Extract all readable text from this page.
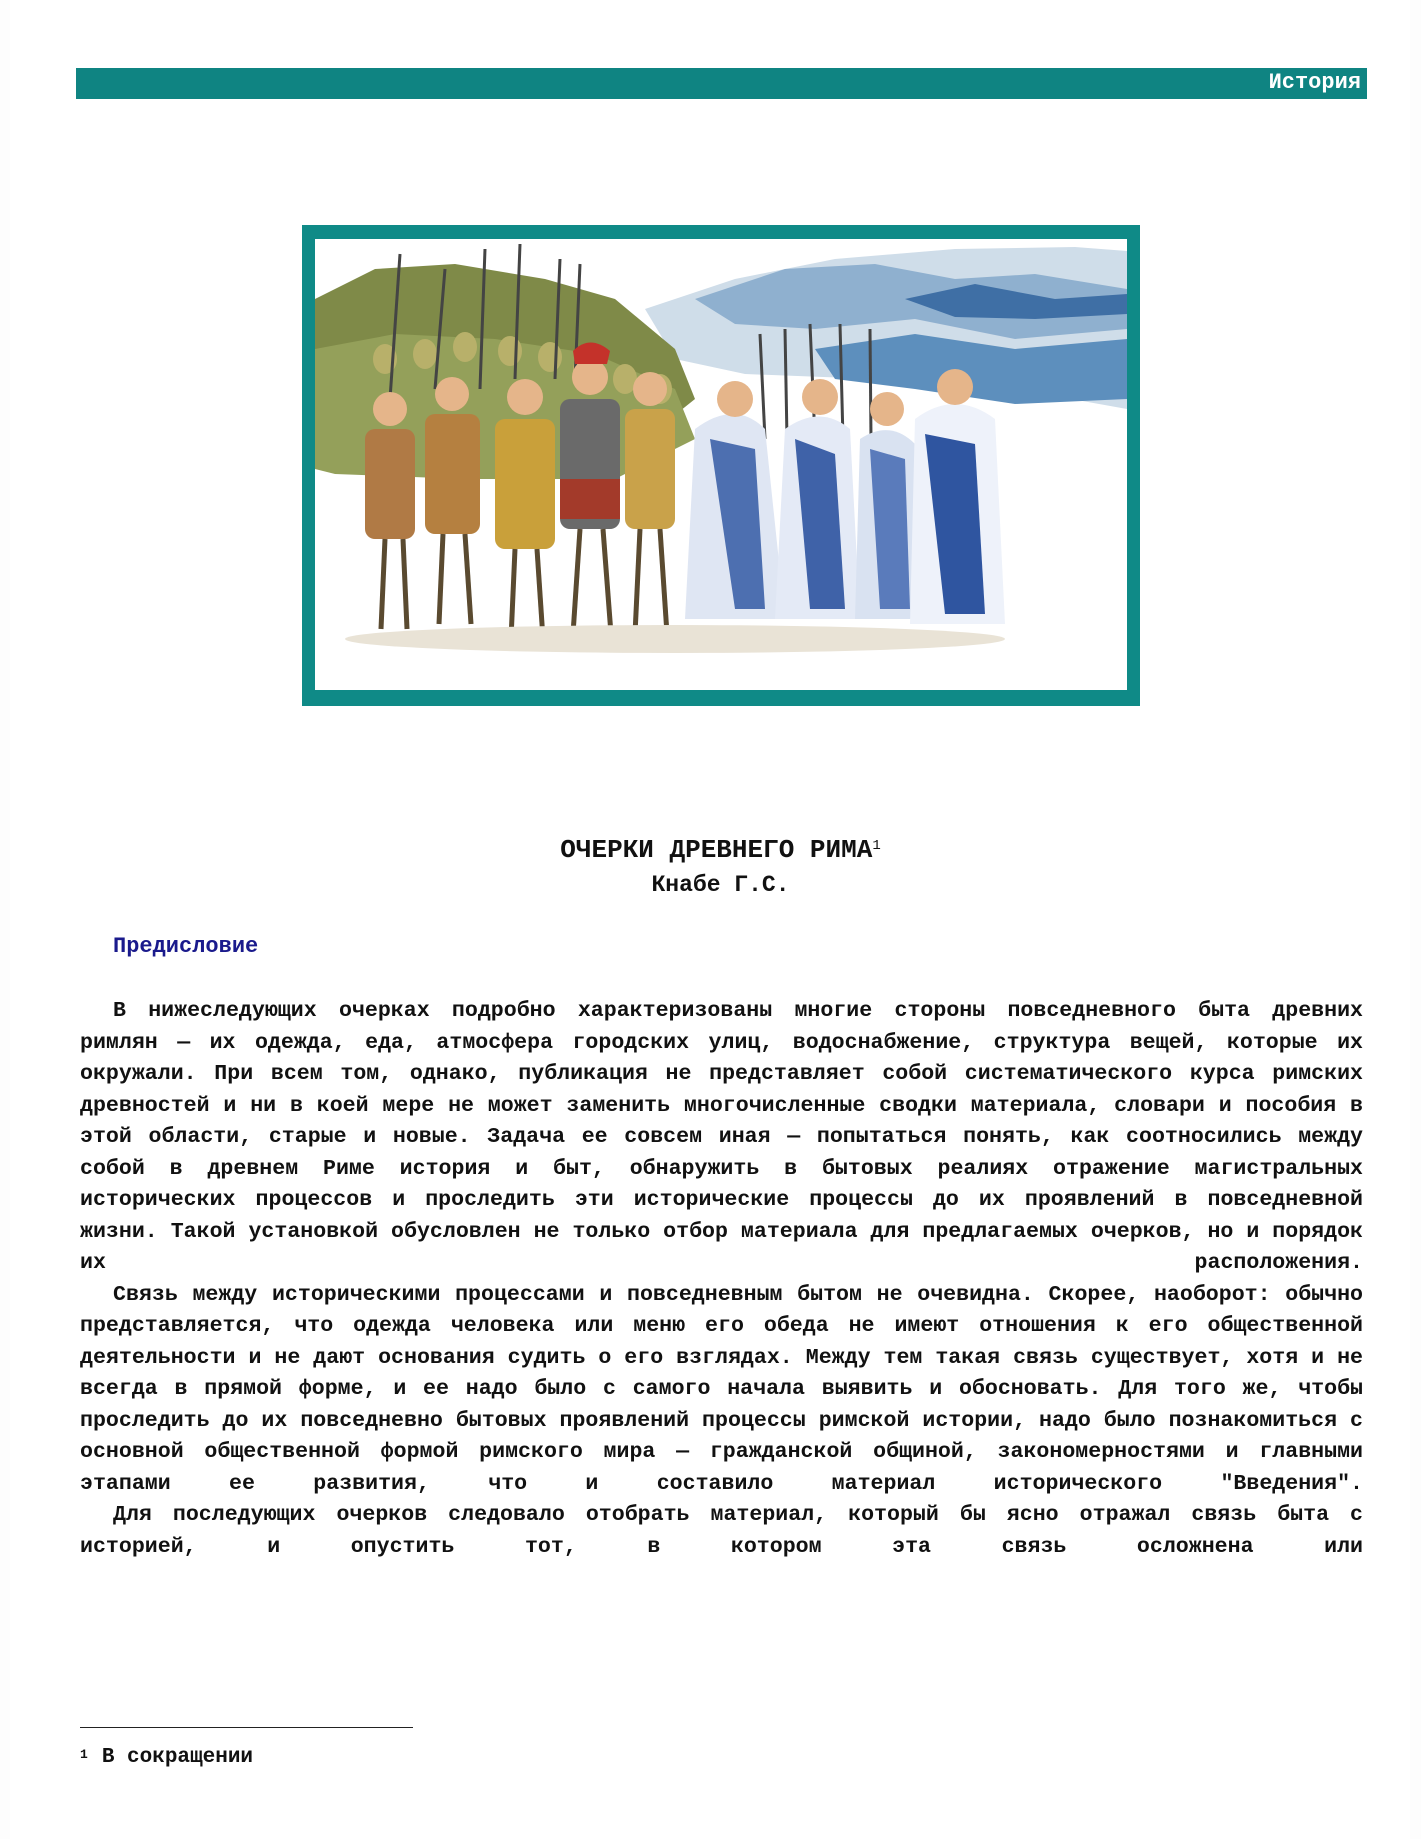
История
ОЧЕРКИ ДРЕВНЕГО РИМА$^1$
Кнабе Г.С.
Предисловие

В нижеследующих очерках подробно характеризованы многие стороны повседневного быта древних римлян — их одежда, еда, атмосфера городских улиц, водоснабжение, структура вещей, которые их окружали. При всем том, однако, публикация не представляет собой систематического курса римских древностей и ни в коей мере не может заменить многочисленные сводки материала, словари и пособия в этой области, старые и новые. Задача ее совсем иная — попытаться понять, как соотносились между собой в древнем Риме история и быт, обнаружить в бытовых реалиях отражение магистральных исторических процессов и проследить эти исторические процессы до их проявлений в повседневной жизни. Такой установкой обусловлен не только отбор материала для предлагаемых очерков, но и порядок их расположения.

Связь между историческими процессами и повседневным бытом не очевидна. Скорее, наоборот: обычно представляется, что одежда человека или меню его обеда не имеют отношения к его общественной деятельности и не дают основания судить о его взглядах. Между тем такая связь существует, хотя и не всегда в прямой форме, и ее надо было с самого начала выявить и обосновать. Для того же, чтобы проследить до их повседневно бытовых проявлений процессы римской истории, надо было познакомиться с основной общественной формой римского мира — гражданской общиной, закономерностями и главными этапами ее развития, что и составило материал исторического "Введения".

Для последующих очерков следовало отобрать материал, который бы ясно отражал связь быта с историей, и опустить тот, в котором эта связь осложнена или

$^1$ В сокращении
